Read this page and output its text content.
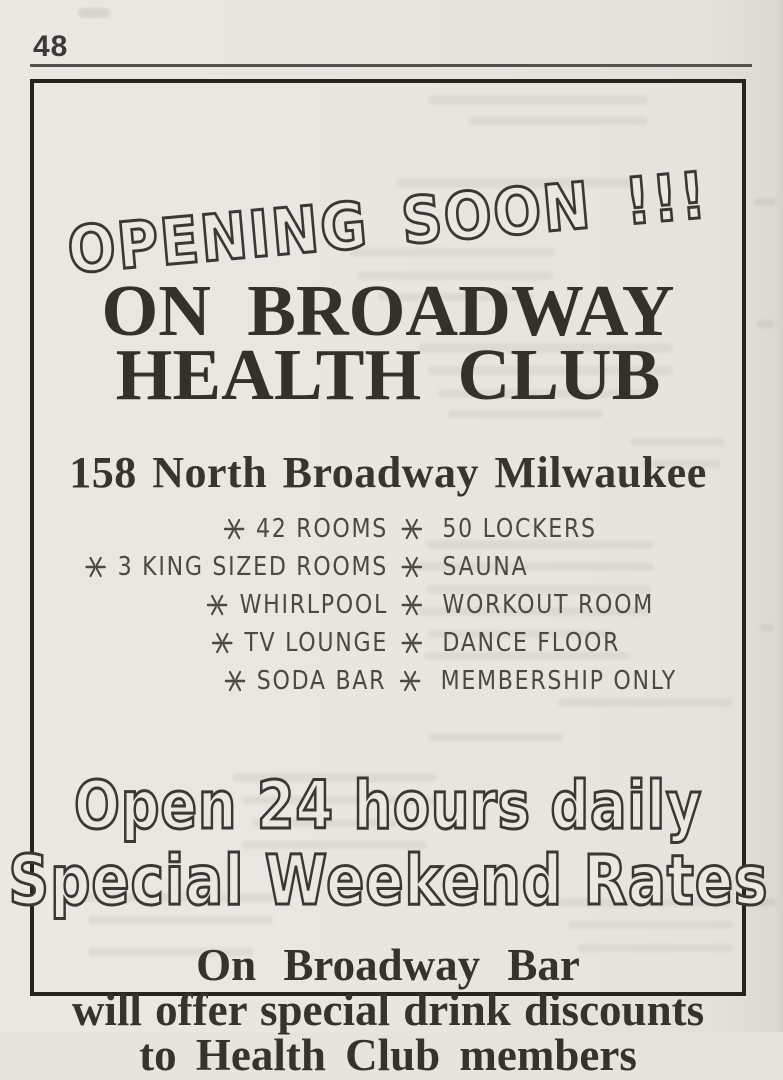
48
OPENING SOON !!!
ON BROADWAY
HEALTH CLUB
158 North Broadway Milwaukee
42 ROOMS 50 LOCKERS
3 KING SIZED ROOMS SAUNA
WHIRLPOOL WORKOUT ROOM
TV LOUNGE DANCE FLOOR
SODA BAR MEMBERSHIP ONLY
Open 24 hours daily
Special Weekend Rates
On Broadway Bar
will offer special drink discounts
to Health Club members
